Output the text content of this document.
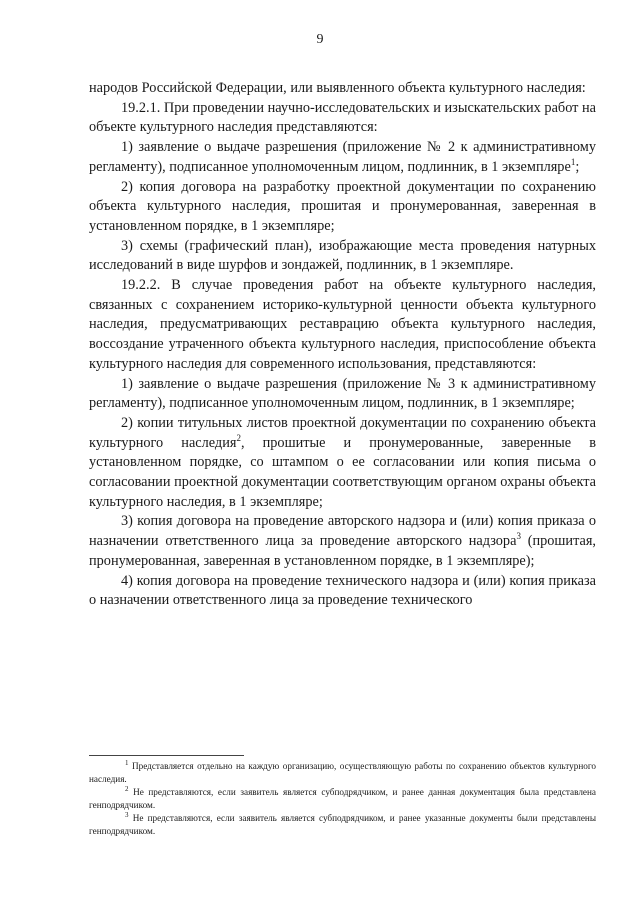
9

народов Российской Федерации, или выявленного объекта культурного наследия:

19.2.1. При проведении научно-исследовательских и изыскательских работ на объекте культурного наследия представляются:

1) заявление о выдаче разрешения (приложение № 2 к административному регламенту), подписанное уполномоченным лицом, подлинник, в 1 экземпляре$^1$;

2) копия договора на разработку проектной документации по сохранению объекта культурного наследия, прошитая и пронумерованная, заверенная в установленном порядке, в 1 экземпляре;

3) схемы (графический план), изображающие места проведения натурных исследований в виде шурфов и зондажей, подлинник, в 1 экземпляре.

19.2.2. В случае проведения работ на объекте культурного наследия, связанных с сохранением историко-культурной ценности объекта культурного наследия, предусматривающих реставрацию объекта культурного наследия, воссоздание утраченного объекта культурного наследия, приспособление объекта культурного наследия для современного использования, представляются:

1) заявление о выдаче разрешения (приложение № 3 к административному регламенту), подписанное уполномоченным лицом, подлинник, в 1 экземпляре;

2) копии титульных листов проектной документации по сохранению объекта культурного наследия$^2$, прошитые и пронумерованные, заверенные в установленном порядке, со штампом о ее согласовании или копия письма о согласовании проектной документации соответствующим органом охраны объекта культурного наследия, в 1 экземпляре;

3) копия договора на проведение авторского надзора и (или) копия приказа о назначении ответственного лица за проведение авторского надзора$^3$ (прошитая, пронумерованная, заверенная в установленном порядке, в 1 экземпляре);

4) копия договора на проведение технического надзора и (или) копия приказа о назначении ответственного лица за проведение технического

$^1$ Представляется отдельно на каждую организацию, осуществляющую работы по сохранению объектов культурного наследия.

$^2$ Не представляются, если заявитель является субподрядчиком, и ранее данная документация была представлена генподрядчиком.

$^3$ Не представляются, если заявитель является субподрядчиком, и ранее указанные документы были представлены генподрядчиком.
